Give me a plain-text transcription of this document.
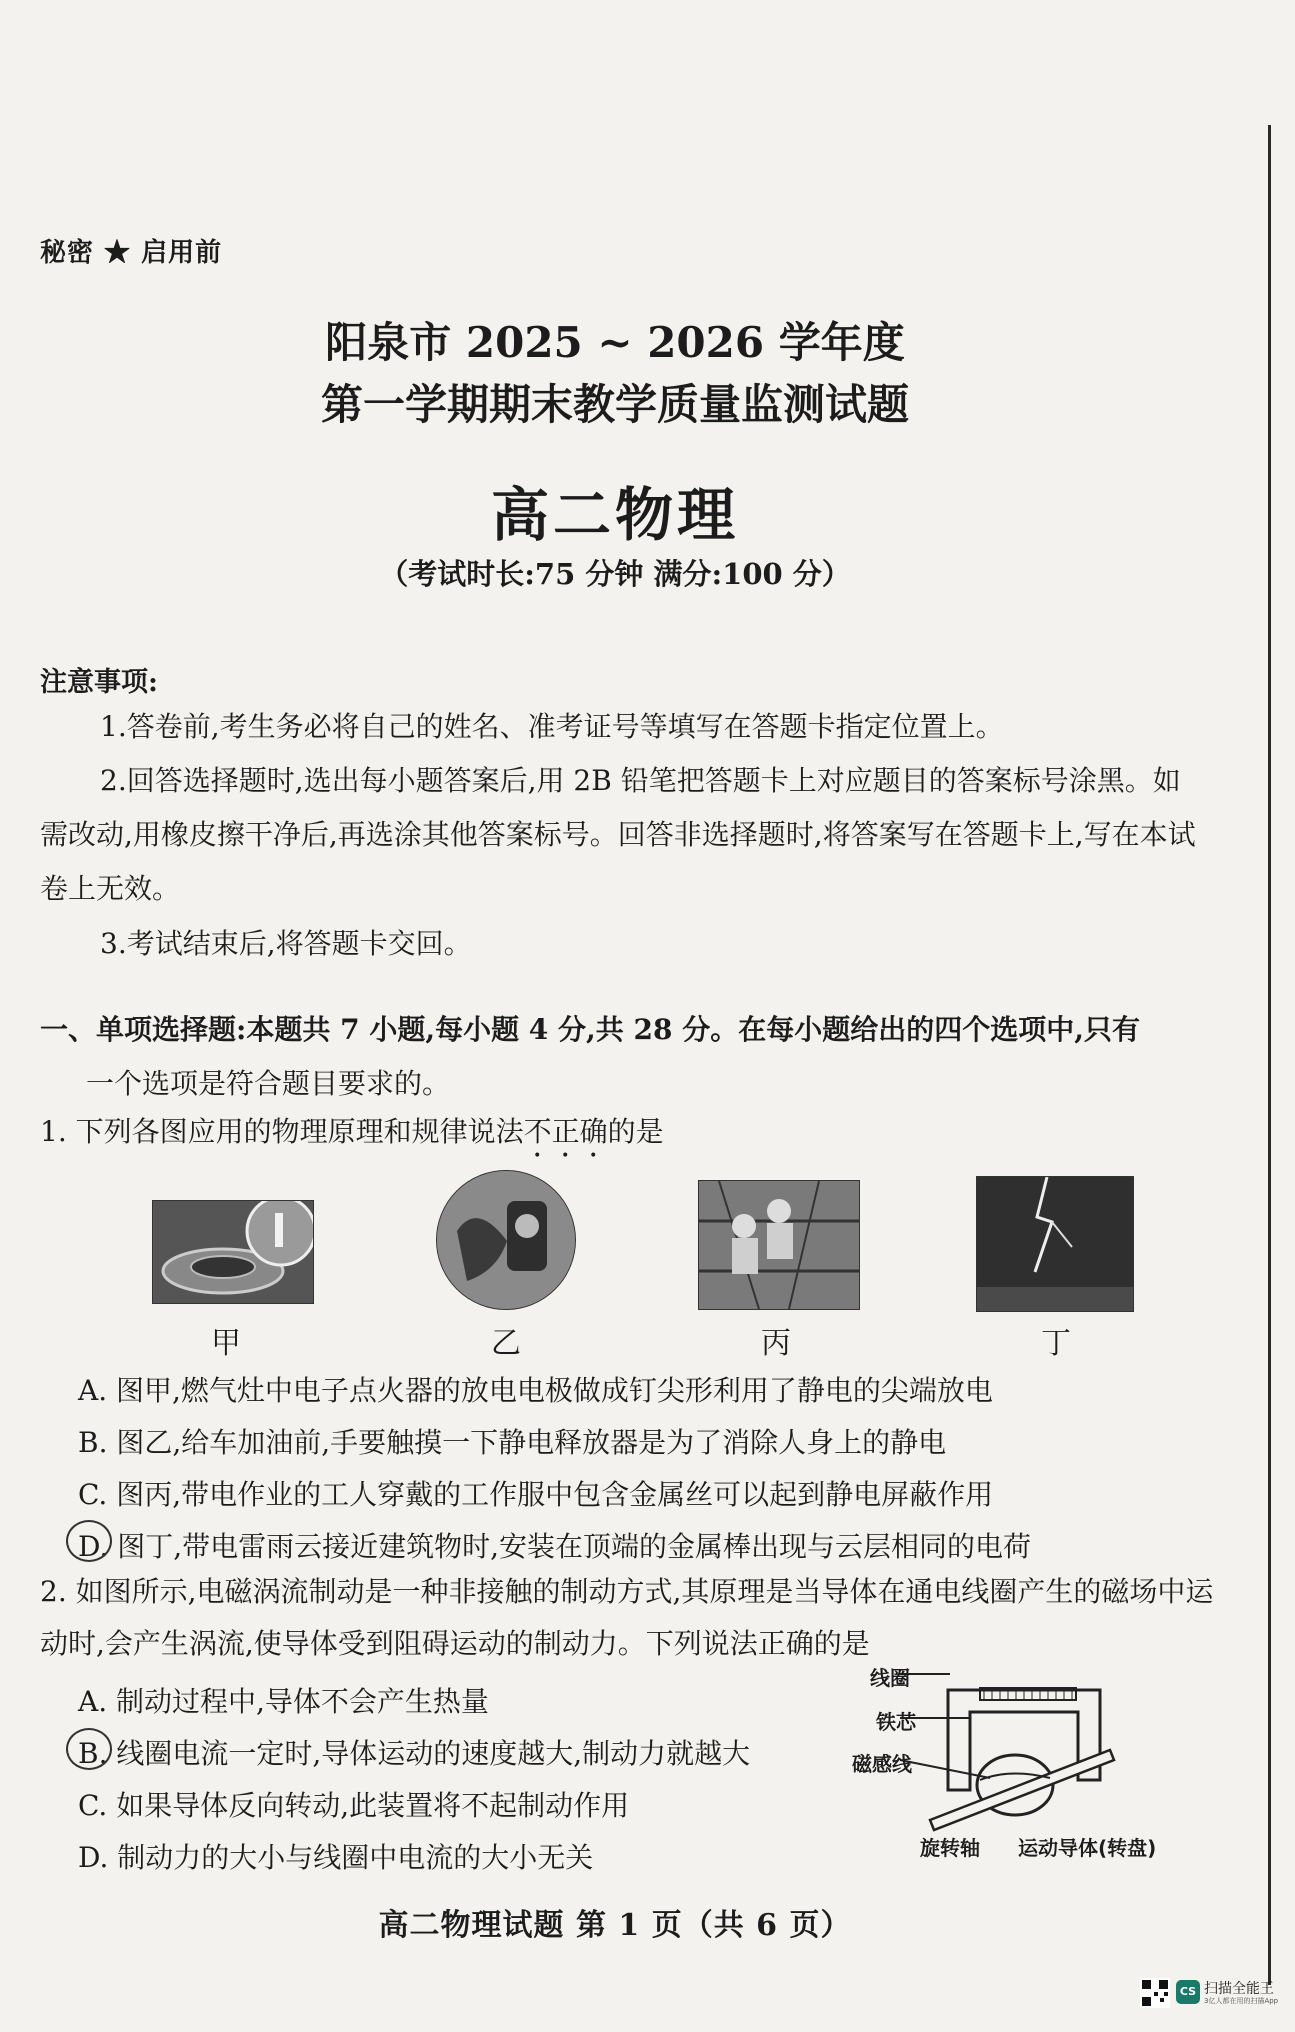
秘密 ★ 启用前
阳泉市 2025 ~ 2026 学年度
第一学期期末教学质量监测试题
高二物理
（考试时长:75 分钟 满分:100 分）
注意事项:
1.答卷前,考生务必将自己的姓名、准考证号等填写在答题卡指定位置上。
2.回答选择题时,选出每小题答案后,用 2B 铅笔把答题卡上对应题目的答案标号涂黑。如需改动,用橡皮擦干净后,再选涂其他答案标号。回答非选择题时,将答案写在答题卡上,写在本试卷上无效。
3.考试结束后,将答题卡交回。
一、单项选择题:本题共 7 小题,每小题 4 分,共 28 分。在每小题给出的四个选项中,只有
一个选项是符合题目要求的。
1. 下列各图应用的物理原理和规律说法不正确的是
甲	乙	丙	丁
A. 图甲,燃气灶中电子点火器的放电电极做成钉尖形利用了静电的尖端放电
B. 图乙,给车加油前,手要触摸一下静电释放器是为了消除人身上的静电
C. 图丙,带电作业的工人穿戴的工作服中包含金属丝可以起到静电屏蔽作用
D. 图丁,带电雷雨云接近建筑物时,安装在顶端的金属棒出现与云层相同的电荷
2. 如图所示,电磁涡流制动是一种非接触的制动方式,其原理是当导体在通电线圈产生的磁场中运动时,会产生涡流,使导体受到阻碍运动的制动力。下列说法正确的是
A. 制动过程中,导体不会产生热量
B. 线圈电流一定时,导体运动的速度越大,制动力就越大
C. 如果导体反向转动,此装置将不起制动作用
D. 制动力的大小与线圈中电流的大小无关
线圈
铁芯
磁感线
旋转轴 运动导体(转盘)
高二物理试题 第 1 页（共 6 页）
CS 扫描全能王
3亿人都在用的扫描App
